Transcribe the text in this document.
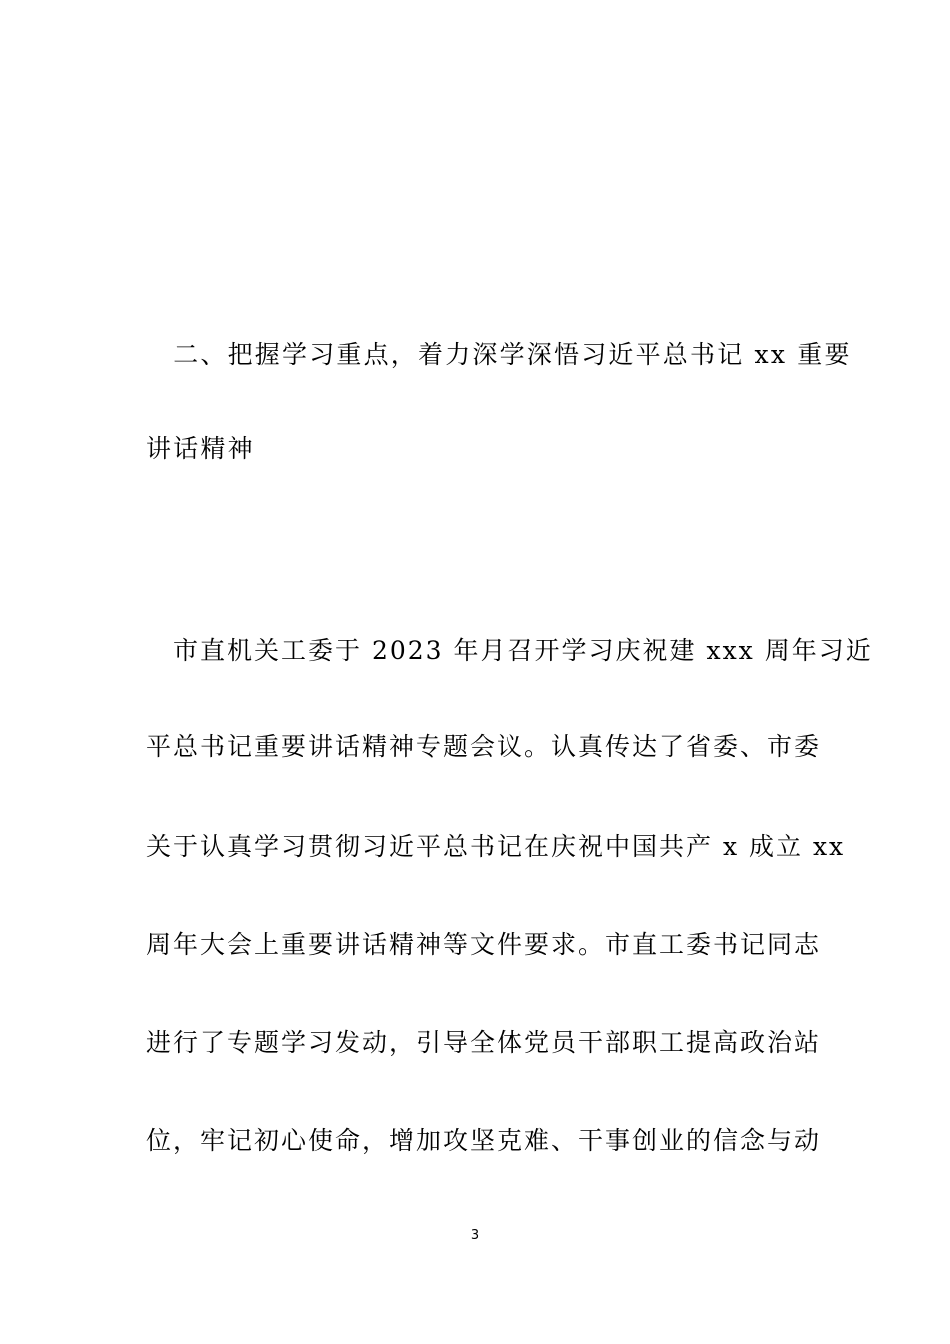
　二、把握学习重点，着力深学深悟习近平总书记 xx 重要
讲话精神
　市直机关工委于 2023 年月召开学习庆祝建 xxx 周年习近
平总书记重要讲话精神专题会议。认真传达了省委、市委
关于认真学习贯彻习近平总书记在庆祝中国共产 x 成立 xx
周年大会上重要讲话精神等文件要求。市直工委书记同志
进行了专题学习发动，引导全体党员干部职工提高政治站
位，牢记初心使命，增加攻坚克难、干事创业的信念与动
3
